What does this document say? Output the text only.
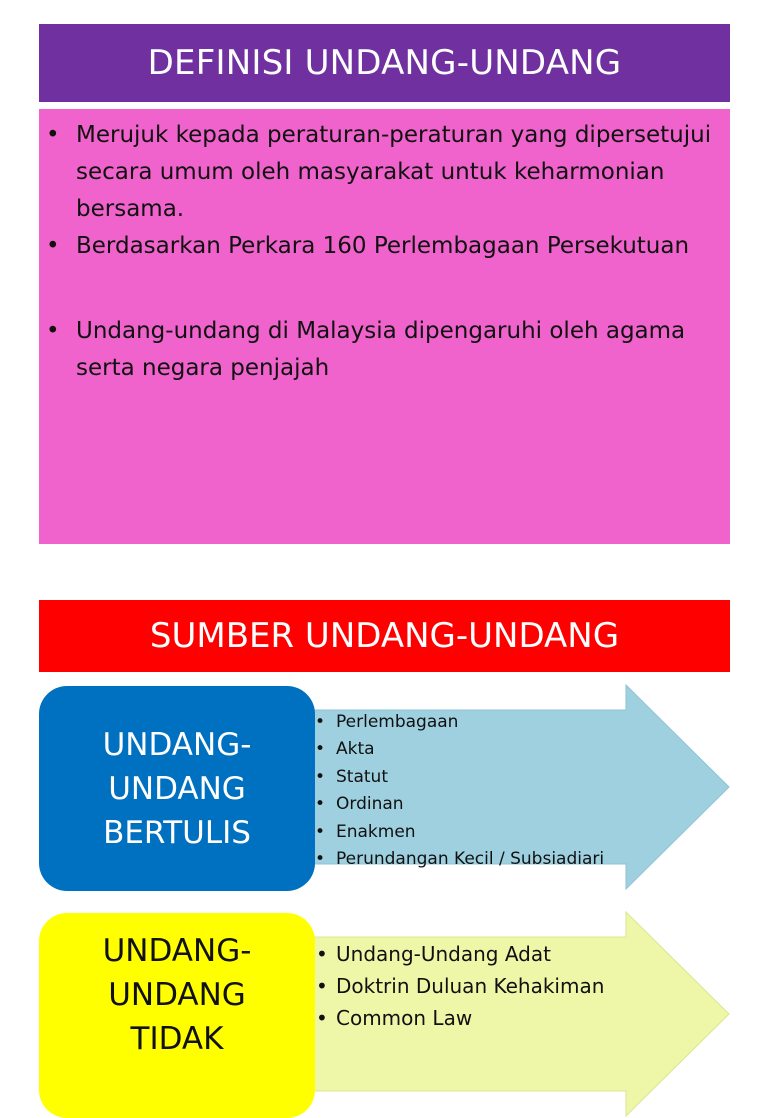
DEFINISI UNDANG-UNDANG
• Merujuk kepada peraturan-peraturan yang dipersetujui secara umum oleh masyarakat untuk keharmonian bersama.
• Berdasarkan Perkara 160 Perlembagaan Persekutuan
• Undang-undang di Malaysia dipengaruhi oleh agama serta negara penjajah
SUMBER UNDANG-UNDANG
UNDANG-
UNDANG
BERTULIS
• Perlembagaan
• Akta
• Statut
• Ordinan
• Enakmen
• Perundangan Kecil / Subsiadiari
UNDANG-
UNDANG
TIDAK
• Undang-Undang Adat
• Doktrin Duluan Kehakiman
• Common Law
